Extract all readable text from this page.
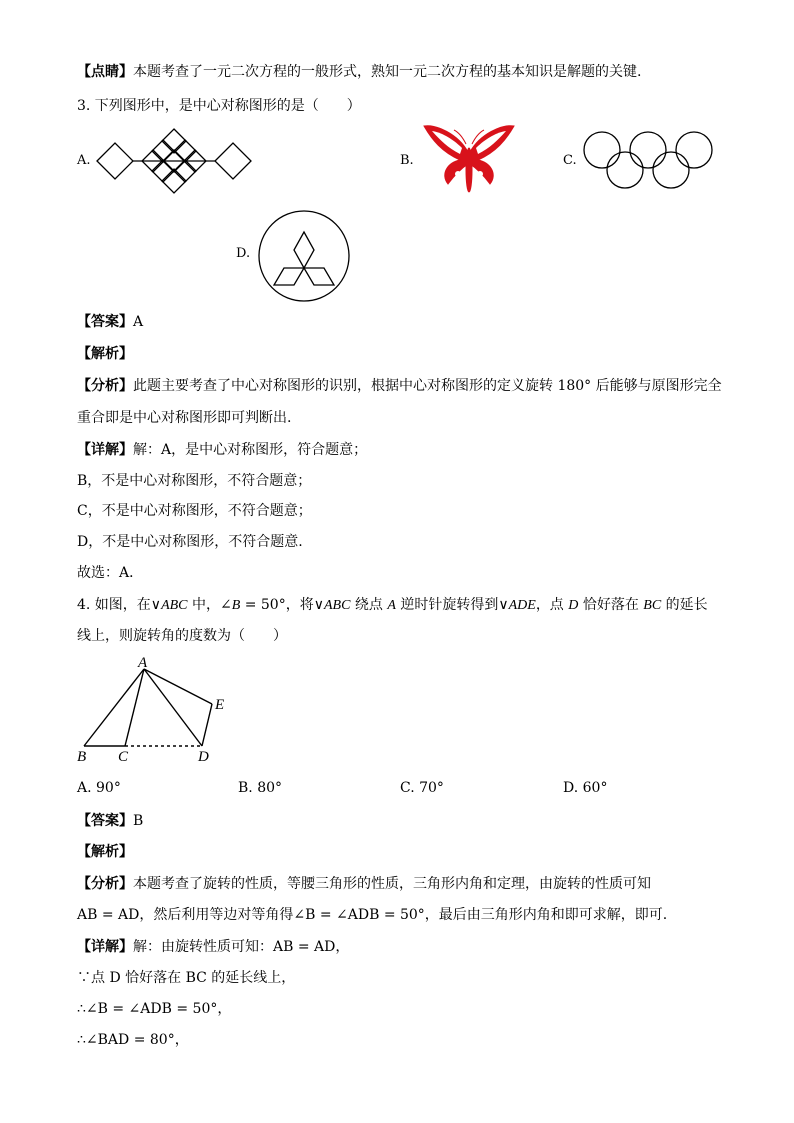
【点睛】本题考查了一元二次方程的一般形式，熟知一元二次方程的基本知识是解题的关键.
3. 下列图形中，是中心对称图形的是（　　）
A.	B.	C.
D.
【答案】A
【解析】
【分析】此题主要考查了中心对称图形的识别，根据中心对称图形的定义旋转 180° 后能够与原图形完全
重合即是中心对称图形即可判断出.
【详解】解：A，是中心对称图形，符合题意；
B，不是中心对称图形，不符合题意；
C，不是中心对称图形，不符合题意；
D，不是中心对称图形，不符合题意.
故选：A．
4. 如图，在∨ABC 中，∠B = 50°，将∨ABC 绕点 A 逆时针旋转得到∨ADE，点 D 恰好落在 BC 的延长
线上，则旋转角的度数为（　　）
A
B C	D
E
A. 90°	B. 80°	C. 70°	D. 60°
【答案】B
【解析】
【分析】本题考查了旋转的性质，等腰三角形的性质，三角形内角和定理，由旋转的性质可知
AB = AD，然后利用等边对等角得∠B = ∠ADB = 50°，最后由三角形内角和即可求解，即可.
【详解】解：由旋转性质可知：AB = AD，
∵点 D 恰好落在 BC 的延长线上，
∴∠B = ∠ADB = 50°，
∴∠BAD = 80°，
